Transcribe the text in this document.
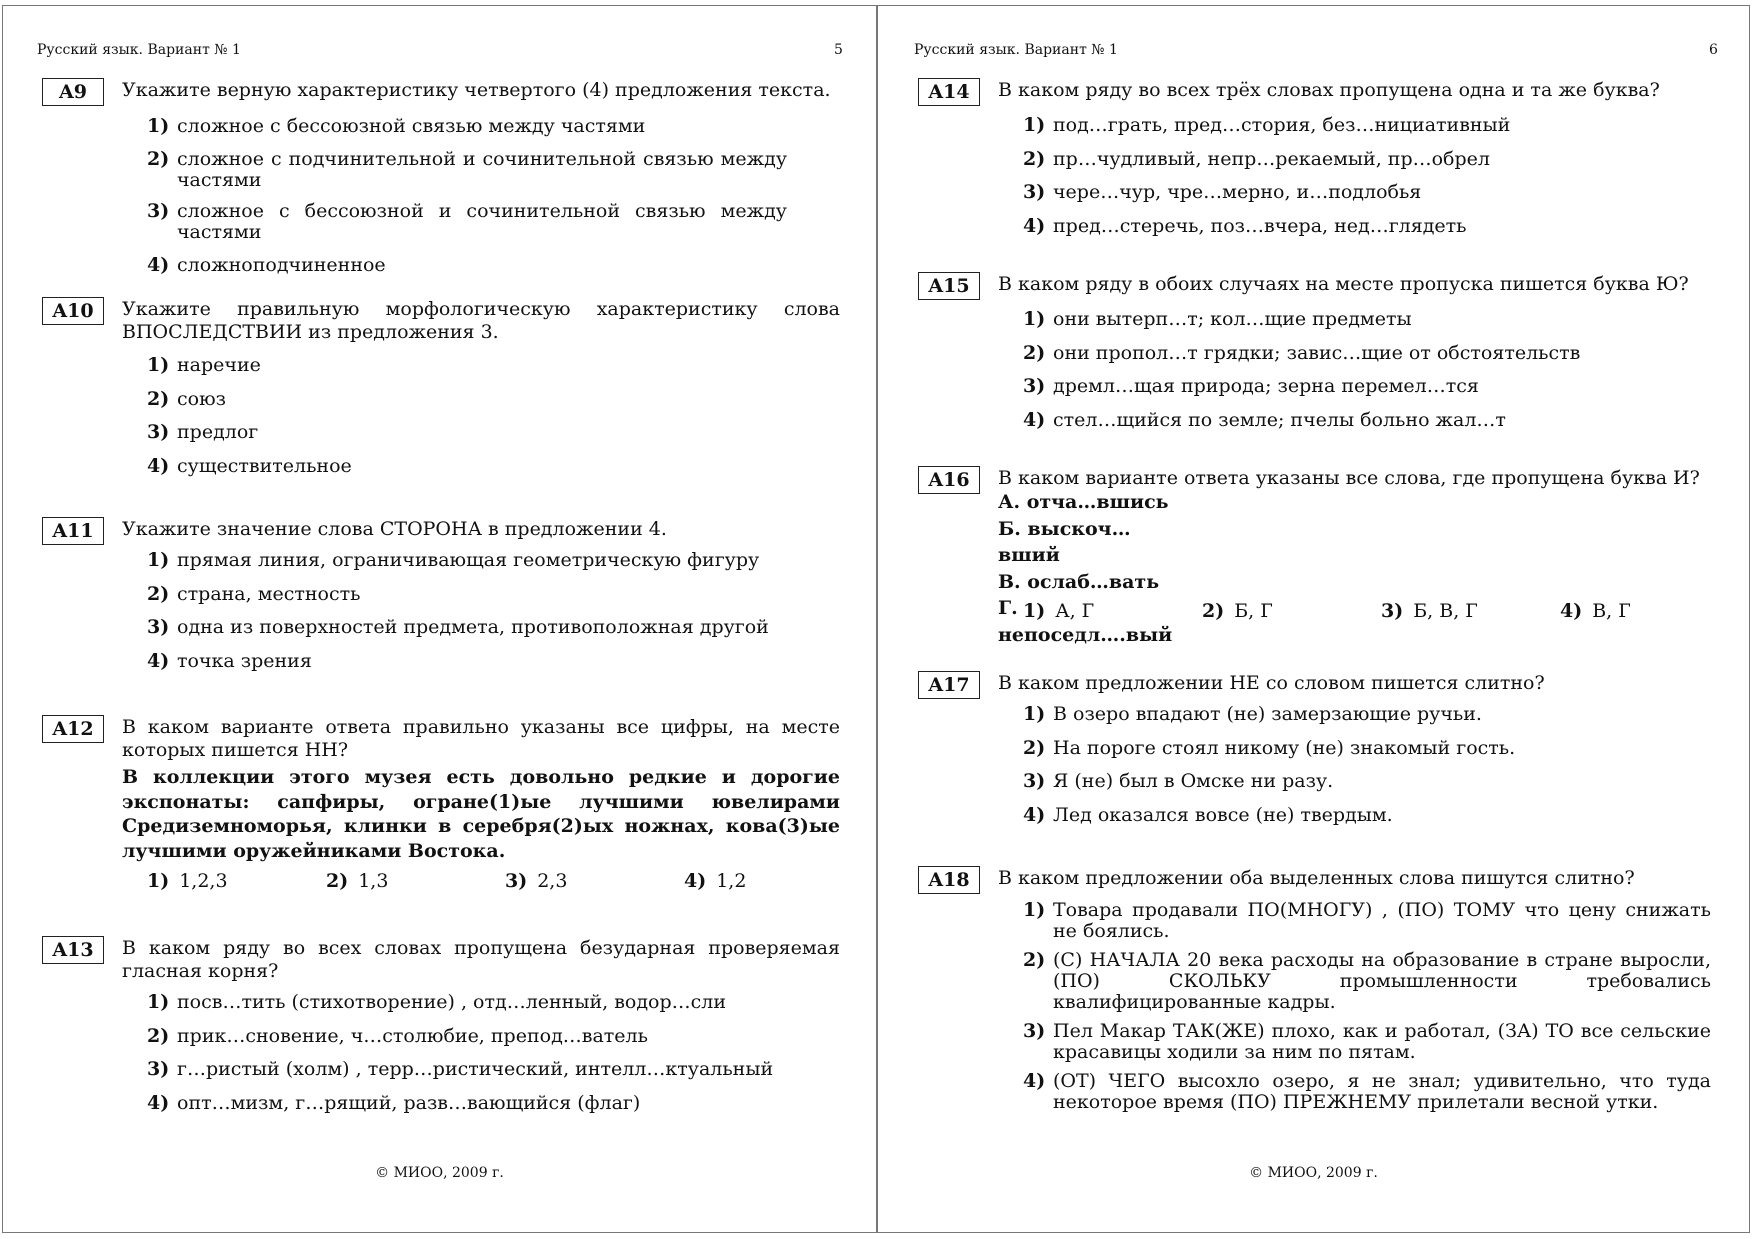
Русский язык. Вариант № 1	5
A9	Укажите верную характеристику четвертого (4) предложения текста.
1) сложное с бессоюзной связью между частями
2) сложное с подчинительной и сочинительной связью между частями
3) сложное с бессоюзной и сочинительной связью между частями
4) сложноподчиненное
A10	Укажите правильную морфологическую характеристику слова ВПОСЛЕДСТВИИ из предложения 3.
1) наречие
2) союз
3) предлог
4) существительное
A11	Укажите значение слова СТОРОНА в предложении 4.
1) прямая линия, ограничивающая геометрическую фигуру
2) страна, местность
3) одна из поверхностей предмета, противоположная другой
4) точка зрения
A12	В каком варианте ответа правильно указаны все цифры, на месте которых пишется НН?
В коллекции этого музея есть довольно редкие и дорогие экспонаты: сапфиры, огране(1)ые лучшими ювелирами Средиземноморья, клинки в серебря(2)ых ножнах, кова(3)ые лучшими оружейниками Востока.
1) 1,2,3	2) 1,3	3) 2,3	4) 1,2
A13	В каком ряду во всех словах пропущена безударная проверяемая гласная корня?
1) посв…тить (стихотворение) , отд…ленный, водор…сли
2) прик…сновение, ч…столюбие, препод…ватель
3) г…ристый (холм) , терр…ристический, интелл…ктуальный
4) опт…мизм, г…рящий, разв…вающийся (флаг)
© МИОО, 2009 г.
Русский язык. Вариант № 1	6
A14	В каком ряду во всех трёх словах пропущена одна и та же буква?
1) под…грать, пред…стория, без…нициативный
2) пр…чудливый, непр…рекаемый, пр…обрел
3) чере…чур, чре…мерно, и…подлобья
4) пред…стеречь, поз…вчера, нед…глядеть
A15	В каком ряду в обоих случаях на месте пропуска пишется буква Ю?
1) они вытерп…т; кол…щие предметы
2) они пропол…т грядки; завис…щие от обстоятельств
3) дремл…щая природа; зерна перемел…тся
4) стел…щийся по земле; пчелы больно жал…т
A16	В каком варианте ответа указаны все слова, где пропущена буква И?
А. отча…вшись
Б. выскоч…вший
В. ослаб…вать
Г. непоседл….вый
1) А, Г	2) Б, Г	3) Б, В, Г	4) В, Г
A17	В каком предложении НЕ со словом пишется слитно?
1) В озеро впадают (не) замерзающие ручьи.
2) На пороге стоял никому (не) знакомый гость.
3) Я (не) был в Омске ни разу.
4) Лед оказался вовсе (не) твердым.
A18	В каком предложении оба выделенных слова пишутся слитно?
1) Товара продавали ПО(МНОГУ) , (ПО) ТОМУ что цену снижать не боялись.
2) (С) НАЧАЛА 20 века расходы на образование в стране выросли, (ПО) СКОЛЬКУ промышленности требовались квалифицированные кадры.
3) Пел Макар ТАК(ЖЕ) плохо, как и работал, (ЗА) ТО все сельские красавицы ходили за ним по пятам.
4) (ОТ) ЧЕГО высохло озеро, я не знал; удивительно, что туда некоторое время (ПО) ПРЕЖНЕМУ прилетали весной утки.
© МИОО, 2009 г.
